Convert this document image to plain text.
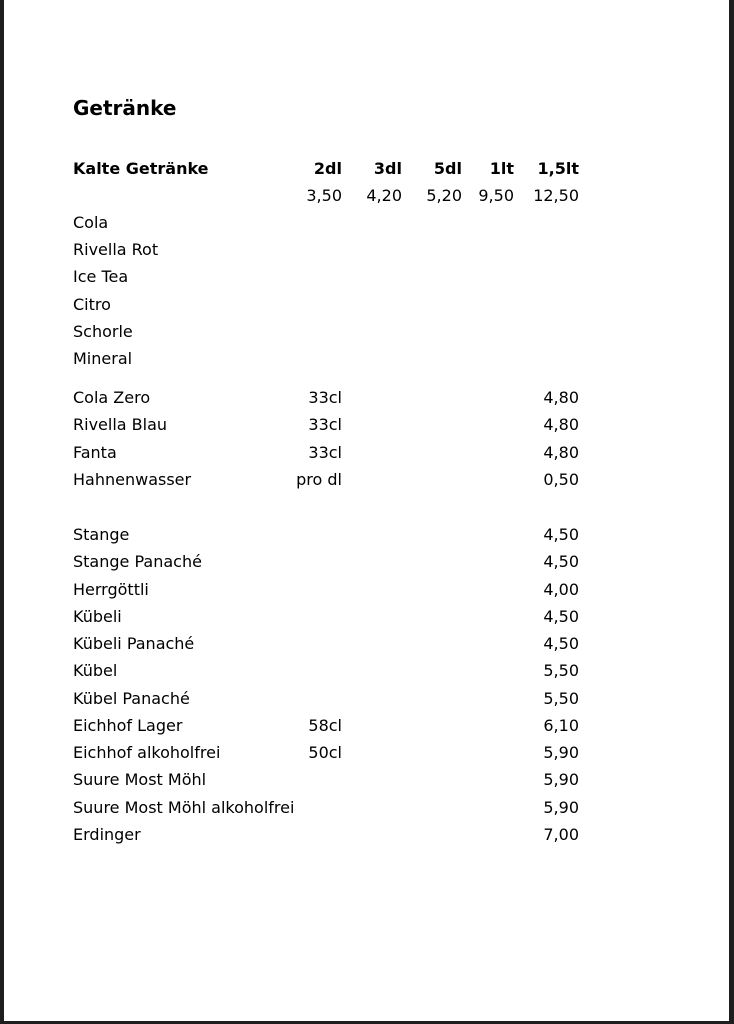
Getränke
Kalte Getränke	2dl 3dl 5dl 1lt 1,5lt
3,50 4,20 5,20 9,50 12,50
Cola
Rivella Rot
Ice Tea
Citro
Schorle
Mineral
Cola Zero	33cl	4,80
Rivella Blau	33cl	4,80
Fanta	33cl	4,80
Hahnenwasser	pro dl	0,50
Stange	4,50
Stange Panaché	4,50
Herrgöttli	4,00
Kübeli	4,50
Kübeli Panaché	4,50
Kübel	5,50
Kübel Panaché	5,50
Eichhof Lager	58cl	6,10
Eichhof alkoholfrei	50cl	5,90
Suure Most Möhl	5,90
Suure Most Möhl alkoholfrei	5,90
Erdinger	7,00
